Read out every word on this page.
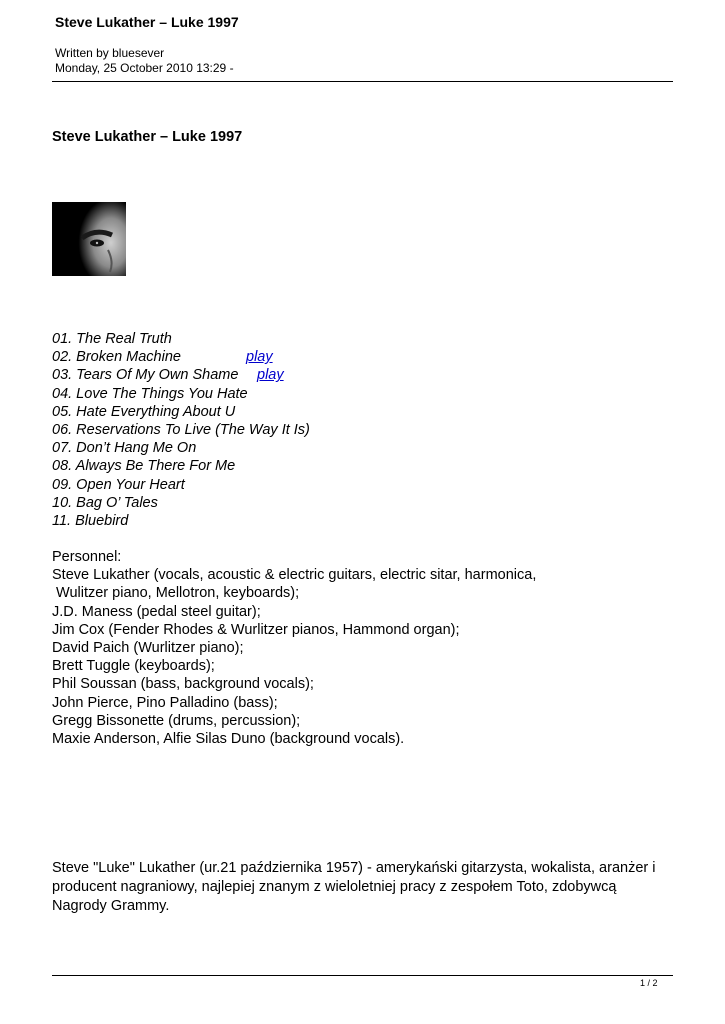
Steve Lukather – Luke 1997
Written by bluesever
Monday, 25 October 2010 13:29 -
Steve Lukather – Luke 1997
01. The Real Truth
02. Broken Machine	play
03. Tears Of My Own Shame play
04. Love The Things You Hate
05. Hate Everything About U
06. Reservations To Live (The Way It Is)
07. Don’t Hang Me On
08. Always Be There For Me
09. Open Your Heart
10. Bag O’ Tales
11. Bluebird
Personnel:
Steve Lukather (vocals, acoustic & electric guitars, electric sitar, harmonica,
Wulitzer piano, Mellotron, keyboards);
J.D. Maness (pedal steel guitar);
Jim Cox (Fender Rhodes & Wurlitzer pianos, Hammond organ);
David Paich (Wurlitzer piano);
Brett Tuggle (keyboards);
Phil Soussan (bass, background vocals);
John Pierce, Pino Palladino (bass);
Gregg Bissonette (drums, percussion);
Maxie Anderson, Alfie Silas Duno (background vocals).
Steve "Luke" Lukather (ur.21 października 1957) - amerykański gitarzysta, wokalista, aranżer i producent nagraniowy, najlepiej znanym z wieloletniej pracy z zespołem Toto, zdobywcą Nagrody Grammy.
1 / 2
